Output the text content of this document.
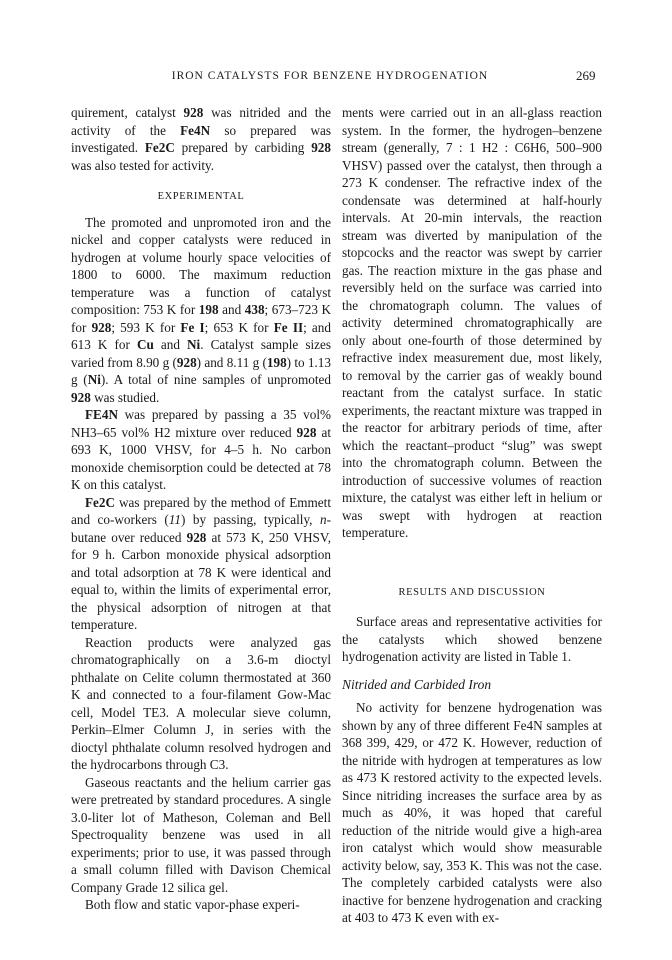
IRON CATALYSTS FOR BENZENE HYDROGENATION	269

quirement, catalyst 928 was nitrided and the activity of the Fe4N so prepared was investigated. Fe2C prepared by carbiding 928 was also tested for activity.

EXPERIMENTAL

The promoted and unpromoted iron and the nickel and copper catalysts were reduced in hydrogen at volume hourly space velocities of 1800 to 6000. The maximum reduction temperature was a function of catalyst composition: 753 K for 198 and 438; 673–723 K for 928; 593 K for Fe I; 653 K for Fe II; and 613 K for Cu and Ni. Catalyst sample sizes varied from 8.90 g (928) and 8.11 g (198) to 1.13 g (Ni). A total of nine samples of unpromoted 928 was studied.

FE4N was prepared by passing a 35 vol% NH3–65 vol% H2 mixture over reduced 928 at 693 K, 1000 VHSV, for 4–5 h. No carbon monoxide chemisorption could be detected at 78 K on this catalyst.

Fe2C was prepared by the method of Emmett and co-workers (11) by passing, typically, n-butane over reduced 928 at 573 K, 250 VHSV, for 9 h. Carbon monoxide physical adsorption and total adsorption at 78 K were identical and equal to, within the limits of experimental error, the physical adsorption of nitrogen at that temperature.

Reaction products were analyzed gas chromatographically on a 3.6-m dioctyl phthalate on Celite column thermostated at 360 K and connected to a four-filament Gow-Mac cell, Model TE3. A molecular sieve column, Perkin–Elmer Column J, in series with the dioctyl phthalate column resolved hydrogen and the hydrocarbons through C3.

Gaseous reactants and the helium carrier gas were pretreated by standard procedures. A single 3.0-liter lot of Matheson, Coleman and Bell Spectroquality benzene was used in all experiments; prior to use, it was passed through a small column filled with Davison Chemical Company Grade 12 silica gel.

Both flow and static vapor-phase experi-

ments were carried out in an all-glass reaction system. In the former, the hydrogen–benzene stream (generally, 7 : 1 H2 : C6H6, 500–900 VHSV) passed over the catalyst, then through a 273 K condenser. The refractive index of the condensate was determined at half-hourly intervals. At 20-min intervals, the reaction stream was diverted by manipulation of the stopcocks and the reactor was swept by carrier gas. The reaction mixture in the gas phase and reversibly held on the surface was carried into the chromatograph column. The values of activity determined chromatographically are only about one-fourth of those determined by refractive index measurement due, most likely, to removal by the carrier gas of weakly bound reactant from the catalyst surface. In static experiments, the reactant mixture was trapped in the reactor for arbitrary periods of time, after which the reactant–product “slug” was swept into the chromatograph column. Between the introduction of successive volumes of reaction mixture, the catalyst was either left in helium or was swept with hydrogen at reaction temperature.

RESULTS AND DISCUSSION

Surface areas and representative activities for the catalysts which showed benzene hydrogenation activity are listed in Table 1.

Nitrided and Carbided Iron

No activity for benzene hydrogenation was shown by any of three different Fe4N samples at 368 399, 429, or 472 K. However, reduction of the nitride with hydrogen at temperatures as low as 473 K restored activity to the expected levels. Since nitriding increases the surface area by as much as 40%, it was hoped that careful reduction of the nitride would give a high-area iron catalyst which would show measurable activity below, say, 353 K. This was not the case. The completely carbided catalysts were also inactive for benzene hydrogenation and cracking at 403 to 473 K even with ex-
